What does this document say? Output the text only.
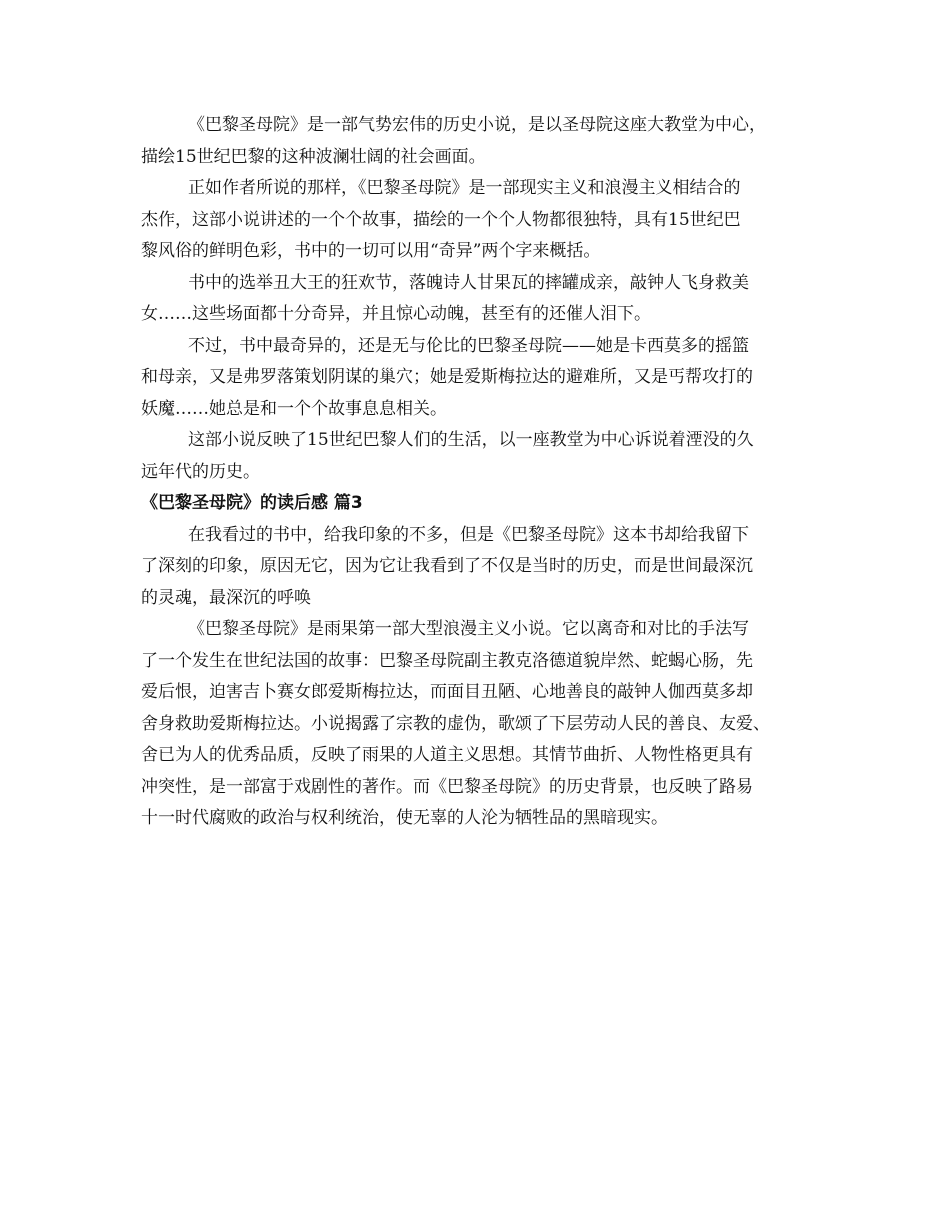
《巴黎圣母院》是一部气势宏伟的历史小说，是以圣母院这座大教堂为中心，
描绘15世纪巴黎的这种波澜壮阔的社会画面。

正如作者所说的那样，《巴黎圣母院》是一部现实主义和浪漫主义相结合的
杰作，这部小说讲述的一个个故事，描绘的一个个人物都很独特，具有15世纪巴
黎风俗的鲜明色彩，书中的一切可以用“奇异”两个字来概括。

书中的选举丑大王的狂欢节，落魄诗人甘果瓦的摔罐成亲，敲钟人飞身救美
女……这些场面都十分奇异，并且惊心动魄，甚至有的还催人泪下。

不过，书中最奇异的，还是无与伦比的巴黎圣母院——她是卡西莫多的摇篮
和母亲，又是弗罗落策划阴谋的巢穴；她是爱斯梅拉达的避难所，又是丐帮攻打的
妖魔……她总是和一个个故事息息相关。

这部小说反映了15世纪巴黎人们的生活，以一座教堂为中心诉说着湮没的久
远年代的历史。

《巴黎圣母院》的读后感 篇3

在我看过的书中，给我印象的不多，但是《巴黎圣母院》这本书却给我留下
了深刻的印象，原因无它，因为它让我看到了不仅是当时的历史，而是世间最深沉
的灵魂，最深沉的呼唤

《巴黎圣母院》是雨果第一部大型浪漫主义小说。它以离奇和对比的手法写
了一个发生在世纪法国的故事：巴黎圣母院副主教克洛德道貌岸然、蛇蝎心肠，先
爱后恨，迫害吉卜赛女郎爱斯梅拉达，而面目丑陋、心地善良的敲钟人伽西莫多却
舍身救助爱斯梅拉达。小说揭露了宗教的虚伪，歌颂了下层劳动人民的善良、友爱、
舍已为人的优秀品质，反映了雨果的人道主义思想。其情节曲折、人物性格更具有
冲突性，是一部富于戏剧性的著作。而《巴黎圣母院》的历史背景，也反映了路易
十一时代腐败的政治与权利统治，使无辜的人沦为牺牲品的黑暗现实。
